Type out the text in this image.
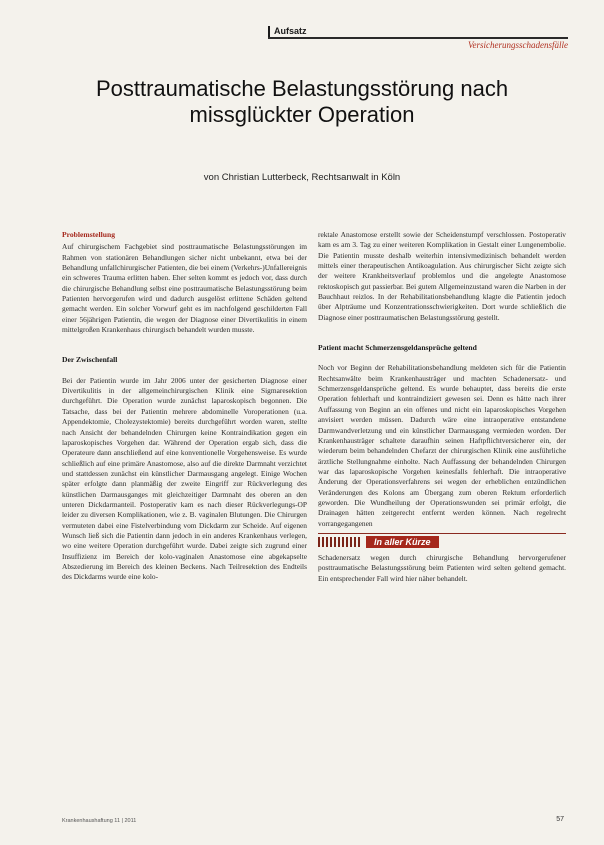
Aufsatz
Versicherungsschadensfälle
Posttraumatische Belastungsstörung nach missglückter Operation
von Christian Lutterbeck, Rechtsanwalt in Köln
Problemstellung

Auf chirurgischem Fachgebiet sind posttraumatische Belastungsstörungen im Rahmen von stationären Behandlungen sicher nicht unbekannt, etwa bei der Behandlung unfallchirurgischer Patienten, die bei einem (Verkehrs-)Unfallereignis ein schweres Trauma erlitten haben. Eher selten kommt es jedoch vor, dass durch die chirurgische Behandlung selbst eine posttraumatische Belastungsstörung beim Patienten hervorgerufen wird und dadurch ausgelöst erlittene Schäden geltend gemacht werden. Ein solcher Vorwurf geht es im nachfolgend geschilderten Fall einer 56jährigen Patientin, die wegen der Diagnose einer Divertikulitis in einem mittelgroßen Krankenhaus chirurgisch behandelt wurden musste.

Der Zwischenfall

Bei der Patientin wurde im Jahr 2006 unter der gesicherten Diagnose einer Divertikulitis in der allgemeinchirurgischen Klinik eine Sigmaresektion durchgeführt. Die Operation wurde zunächst laparoskopisch begonnen. Die Tatsache, dass bei der Patientin mehrere abdominelle Voroperationen (u.a. Appendektomie, Cholezystektomie) bereits durchgeführt worden waren, stellte nach Ansicht der behandelnden Chirurgen keine Kontraindikation gegen ein laparoskopisches Vorgehen dar. Während der Operation ergab sich, dass die Operateure dann anschließend auf eine konventionelle Vorgehensweise. Es wurde schließlich auf eine primäre Anastomose, also auf die direkte Darmnaht verzichtet und stattdessen zunächst ein künstlicher Darmausgang angelegt. Einige Wochen später erfolgte dann planmäßig der zweite Eingriff zur Rückverlegung des künstlichen Darmausganges mit gleichzeitiger Darmnaht des oberen an den unteren Dickdarmanteil. Postoperativ kam es nach dieser Rückverlegungs-OP leider zu diversen Komplikationen, wie z. B. vaginalen Blutungen. Die Chirurgen vermuteten dabei eine Fistelverbindung vom Dickdarm zur Scheide. Auf eigenen Wunsch ließ sich die Patientin dann jedoch in ein anderes Krankenhaus verlegen, wo eine weitere Operation durchgeführt wurde. Dabei zeigte sich zugrund einer Insuffizienz im Bereich der kolo-vaginalen Anastomose eine abgekapselte Abszedierung im Bereich des kleinen Beckens. Nach Teilresektion des Endteils des Dickdarms wurde eine kolo-

rektale Anastomose erstellt sowie der Scheidenstumpf verschlossen. Postoperativ kam es am 3. Tag zu einer weiteren Komplikation in Gestalt einer Lungenembolie. Die Patientin musste deshalb weiterhin intensivmedizinisch behandelt werden mittels einer therapeutischen Antikoagulation. Aus chirurgischer Sicht zeigte sich der weitere Krankheitsverlauf problemlos und die angelegte Anastomose rektoskopisch gut passierbar. Bei gutem Allgemeinzustand waren die Narben in der Bauchhaut reizlos. In der Rehabilitationsbehandlung klagte die Patientin jedoch über Alpträume und Konzentrationsschwierigkeiten. Dort wurde schließlich die Diagnose einer posttraumatischen Belastungsstörung gestellt.

Patient macht Schmerzensgeldansprüche geltend

Noch vor Beginn der Rehabilitationsbehandlung meldeten sich für die Patientin Rechtsanwälte beim Krankenhausträger und machten Schadenersatz- und Schmerzensgeldansprüche geltend. Es wurde behauptet, dass bereits die erste Operation fehlerhaft und kontraindiziert gewesen sei. Denn es hätte nach ihrer Auffassung von Beginn an ein offenes und nicht ein laparoskopisches Vorgehen anvisiert werden müssen. Dadurch wäre eine intraoperative entstandene Darmwandverletzung und ein künstlicher Darmausgang vermieden worden. Der Krankenhausträger schaltete daraufhin seinen Haftpflichtversicherer ein, der wiederum beim behandelnden Chefarzt der chirurgischen Klinik eine ausführliche ärztliche Stellungnahme einholte. Nach Auffassung der behandelnden Chirurgen war das laparoskopische Vorgehen keinesfalls fehlerhaft. Die intraoperative Änderung der Operationsverfahrens sei wegen der erheblichen entzündlichen Veränderungen des Kolons am Übergang zum oberen Rektum erforderlich geworden. Die Wundheilung der Operationswunden sei primär erfolgt, die Drainagen hätten zeitgerecht entfernt werden können. Nach regelrecht vorrangegangenen

In aller Kürze

Schadenersatz wegen durch chirurgische Behandlung hervorgerufener posttraumatische Belastungsstörung beim Patienten wird selten geltend gemacht. Ein entsprechender Fall wird hier näher behandelt.

Krankenhaushaftung 11 | 2011	57
